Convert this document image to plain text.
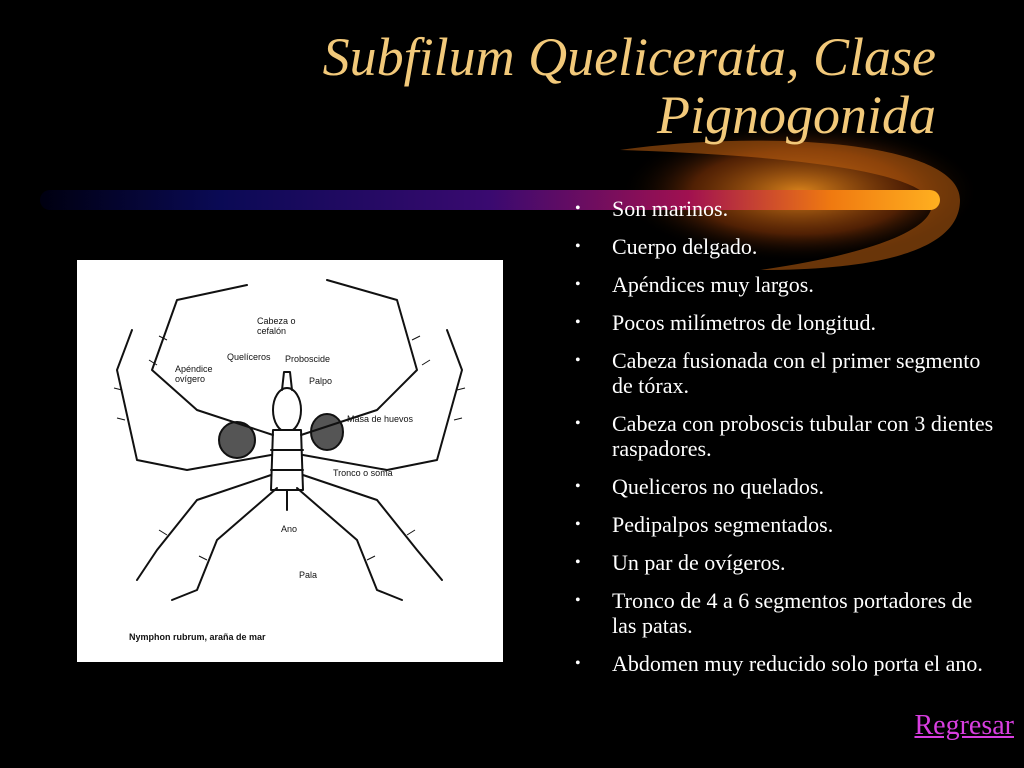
Subfilum Quelicerata, Clase
Pignogonida
Cabeza o
cefalón
Quelíceros Proboscide
Apéndice
ovígero	Palpo
Masa de huevos
Tronco o soma
Ano
Pala
Nymphon rubrum, araña de mar
• Son marinos.
• Cuerpo delgado.
• Apéndices muy largos.
• Pocos milímetros de longitud.
• Cabeza fusionada con el primer segmento de tórax.
• Cabeza con proboscis tubular con 3 dientes raspadores.
• Queliceros no quelados.
• Pedipalpos segmentados.
• Un par de ovígeros.
• Tronco de 4 a 6 segmentos portadores de las patas.
• Abdomen muy reducido solo porta el ano.
Regresar
